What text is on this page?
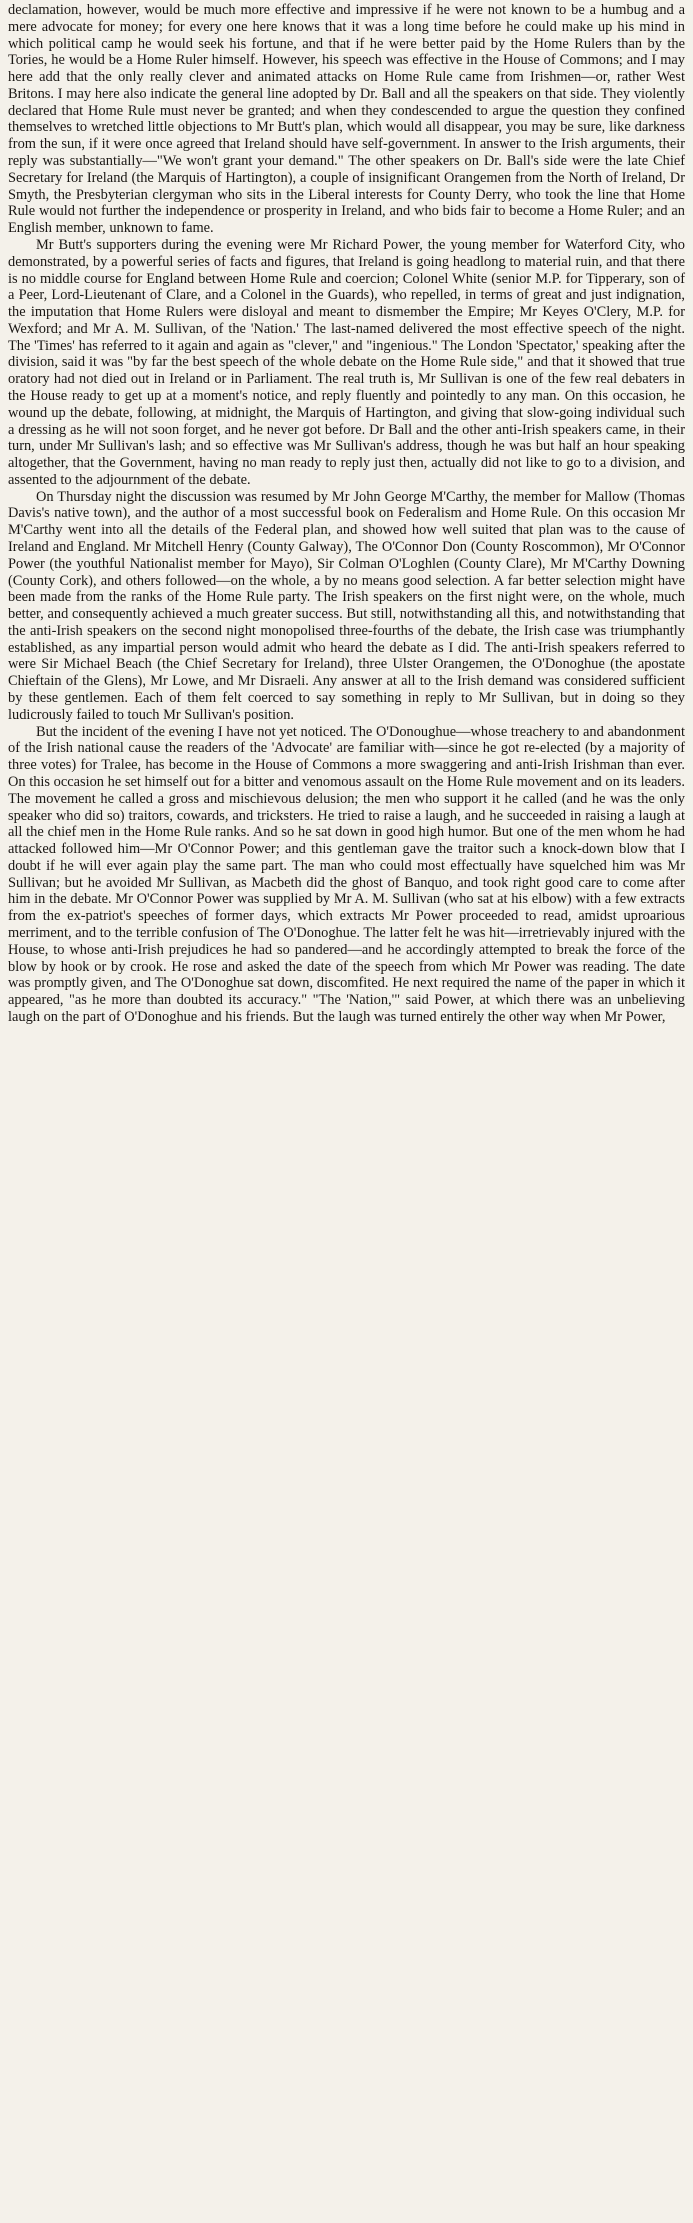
declamation, however, would be much more effective and impressive if he were not known to be a humbug and a mere advocate for money; for every one here knows that it was a long time before he could make up his mind in which political camp he would seek his fortune, and that if he were better paid by the Home Rulers than by the Tories, he would be a Home Ruler himself. However, his speech was effective in the House of Commons; and I may here add that the only really clever and animated attacks on Home Rule came from Irishmen—or, rather West Britons. I may here also indicate the general line adopted by Dr. Ball and all the speakers on that side. They violently declared that Home Rule must never be granted; and when they condescended to argue the question they confined themselves to wretched little objections to Mr Butt's plan, which would all disappear, you may be sure, like darkness from the sun, if it were once agreed that Ireland should have self-government. In answer to the Irish arguments, their reply was substantially—"We won't grant your demand." The other speakers on Dr. Ball's side were the late Chief Secretary for Ireland (the Marquis of Hartington), a couple of insignificant Orangemen from the North of Ireland, Dr Smyth, the Presbyterian clergyman who sits in the Liberal interests for County Derry, who took the line that Home Rule would not further the independence or prosperity in Ireland, and who bids fair to become a Home Ruler; and an English member, unknown to fame.

Mr Butt's supporters during the evening were Mr Richard Power, the young member for Waterford City, who demonstrated, by a powerful series of facts and figures, that Ireland is going headlong to material ruin, and that there is no middle course for England between Home Rule and coercion; Colonel White (senior M.P. for Tipperary, son of a Peer, Lord-Lieutenant of Clare, and a Colonel in the Guards), who repelled, in terms of great and just indignation, the imputation that Home Rulers were disloyal and meant to dismember the Empire; Mr Keyes O'Clery, M.P. for Wexford; and Mr A. M. Sullivan, of the 'Nation.' The last-named delivered the most effective speech of the night. The 'Times' has referred to it again and again as "clever," and "ingenious." The London 'Spectator,' speaking after the division, said it was "by far the best speech of the whole debate on the Home Rule side," and that it showed that true oratory had not died out in Ireland or in Parliament. The real truth is, Mr Sullivan is one of the few real debaters in the House ready to get up at a moment's notice, and reply fluently and pointedly to any man. On this occasion, he wound up the debate, following, at midnight, the Marquis of Hartington, and giving that slow-going individual such a dressing as he will not soon forget, and he never got before. Dr Ball and the other anti-Irish speakers came, in their turn, under Mr Sullivan's lash; and so effective was Mr Sullivan's address, though he was but half an hour speaking altogether, that the Government, having no man ready to reply just then, actually did not like to go to a division, and assented to the adjournment of the debate.

On Thursday night the discussion was resumed by Mr John George M'Carthy, the member for Mallow (Thomas Davis's native town), and the author of a most successful book on Federalism and Home Rule. On this occasion Mr M'Carthy went into all the details of the Federal plan, and showed how well suited that plan was to the cause of Ireland and England. Mr Mitchell Henry (County Galway), The O'Connor Don (County Roscommon), Mr O'Connor Power (the youthful Nationalist member for Mayo), Sir Colman O'Loghlen (County Clare), Mr M'Carthy Downing (County Cork), and others followed—on the whole, a by no means good selection. A far better selection might have been made from the ranks of the Home Rule party. The Irish speakers on the first night were, on the whole, much better, and consequently achieved a much greater success. But still, notwithstanding all this, and notwithstanding that the anti-Irish speakers on the second night monopolised three-fourths of the debate, the Irish case was triumphantly established, as any impartial person would admit who heard the debate as I did. The anti-Irish speakers referred to were Sir Michael Beach (the Chief Secretary for Ireland), three Ulster Orangemen, the O'Donoghue (the apostate Chieftain of the Glens), Mr Lowe, and Mr Disraeli. Any answer at all to the Irish demand was considered sufficient by these gentlemen. Each of them felt coerced to say something in reply to Mr Sullivan, but in doing so they ludicrously failed to touch Mr Sullivan's position.

But the incident of the evening I have not yet noticed. The O'Donoughue—whose treachery to and abandonment of the Irish national cause the readers of the 'Advocate' are familiar with—since he got re-elected (by a majority of three votes) for Tralee, has become in the House of Commons a more swaggering and anti-Irish Irishman than ever. On this occasion he set himself out for a bitter and venomous assault on the Home Rule movement and on its leaders. The movement he called a gross and mischievous delusion; the men who support it he called (and he was the only speaker who did so) traitors, cowards, and tricksters. He tried to raise a laugh, and he succeeded in raising a laugh at all the chief men in the Home Rule ranks. And so he sat down in good high humor. But one of the men whom he had attacked followed him—Mr O'Connor Power; and this gentleman gave the traitor such a knock-down blow that I doubt if he will ever again play the same part. The man who could most effectually have squelched him was Mr Sullivan; but he avoided Mr Sullivan, as Macbeth did the ghost of Banquo, and took right good care to come after him in the debate. Mr O'Connor Power was supplied by Mr A. M. Sullivan (who sat at his elbow) with a few extracts from the ex-patriot's speeches of former days, which extracts Mr Power proceeded to read, amidst uproarious merriment, and to the terrible confusion of The O'Donoghue. The latter felt he was hit—irretrievably injured with the House, to whose anti-Irish prejudices he had so pandered—and he accordingly attempted to break the force of the blow by hook or by crook. He rose and asked the date of the speech from which Mr Power was reading. The date was promptly given, and The O'Donoghue sat down, discomfited. He next required the name of the paper in which it appeared, "as he more than doubted its accuracy." "The 'Nation,'" said Power, at which there was an unbelieving laugh on the part of O'Donoghue and his friends. But the laugh was turned entirely the other way when Mr Power,
